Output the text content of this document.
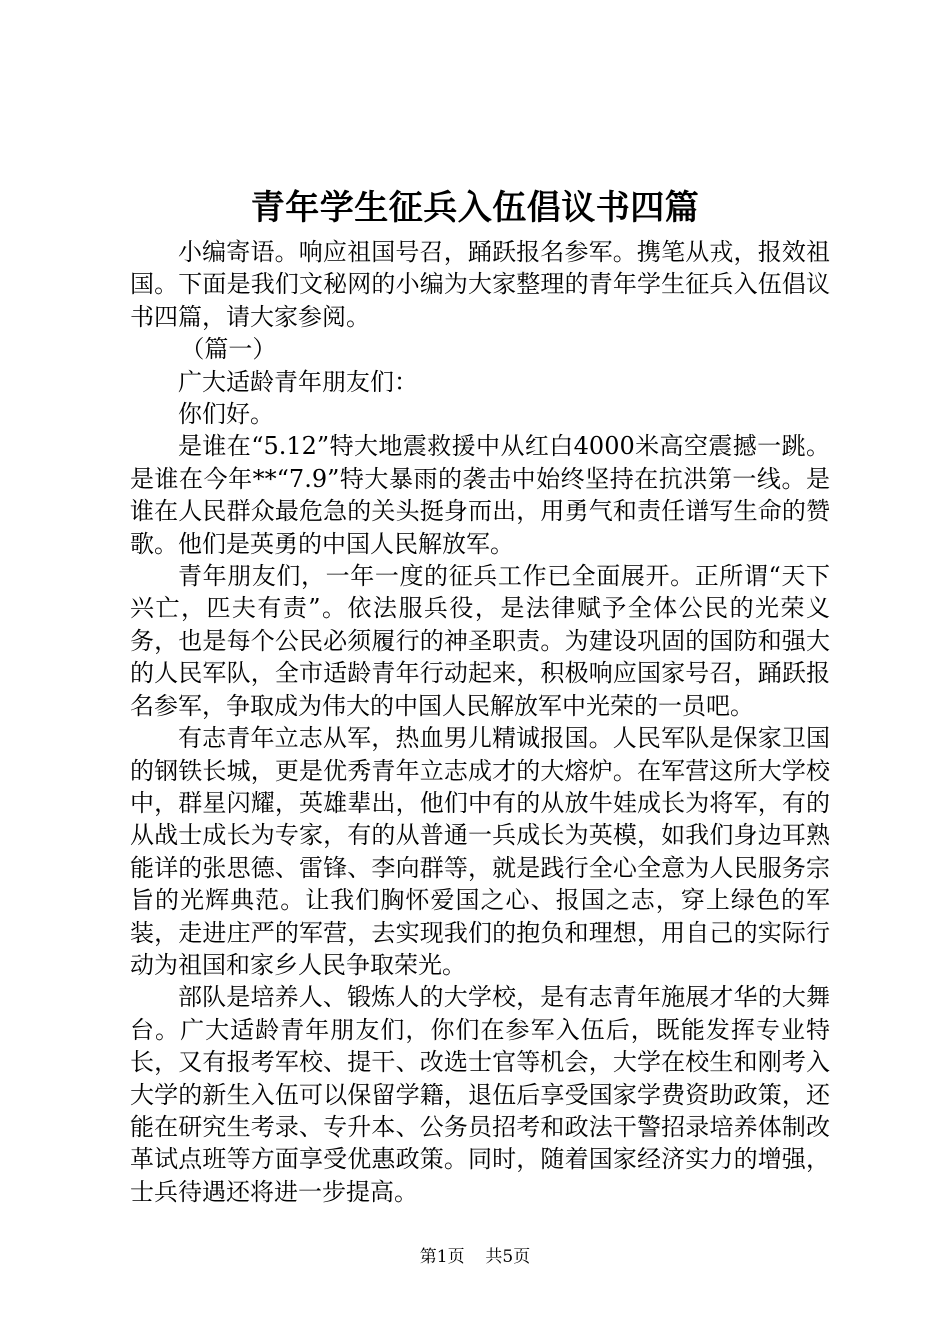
青年学生征兵入伍倡议书四篇

小编寄语。响应祖国号召，踊跃报名参军。携笔从戎，报效祖国。下面是我们文秘网的小编为大家整理的青年学生征兵入伍倡议书四篇，请大家参阅。

（篇一）

广大适龄青年朋友们：

你们好。

是谁在“5.12”特大地震救援中从红白4000米高空震撼一跳。是谁在今年**“7.9”特大暴雨的袭击中始终坚持在抗洪第一线。是谁在人民群众最危急的关头挺身而出，用勇气和责任谱写生命的赞歌。他们是英勇的中国人民解放军。

青年朋友们，一年一度的征兵工作已全面展开。正所谓“天下兴亡，匹夫有责”。依法服兵役，是法律赋予全体公民的光荣义务，也是每个公民必须履行的神圣职责。为建设巩固的国防和强大的人民军队，全市适龄青年行动起来，积极响应国家号召，踊跃报名参军，争取成为伟大的中国人民解放军中光荣的一员吧。

有志青年立志从军，热血男儿精诚报国。人民军队是保家卫国的钢铁长城，更是优秀青年立志成才的大熔炉。在军营这所大学校中，群星闪耀，英雄辈出，他们中有的从放牛娃成长为将军，有的从战士成长为专家，有的从普通一兵成长为英模，如我们身边耳熟能详的张思德、雷锋、李向群等，就是践行全心全意为人民服务宗旨的光辉典范。让我们胸怀爱国之心、报国之志，穿上绿色的军装，走进庄严的军营，去实现我们的抱负和理想，用自己的实际行动为祖国和家乡人民争取荣光。

部队是培养人、锻炼人的大学校，是有志青年施展才华的大舞台。广大适龄青年朋友们，你们在参军入伍后，既能发挥专业特长，又有报考军校、提干、改选士官等机会，大学在校生和刚考入大学的新生入伍可以保留学籍，退伍后享受国家学费资助政策，还能在研究生考录、专升本、公务员招考和政法干警招录培养体制改革试点班等方面享受优惠政策。同时，随着国家经济实力的增强，士兵待遇还将进一步提高。

第1页 共5页
